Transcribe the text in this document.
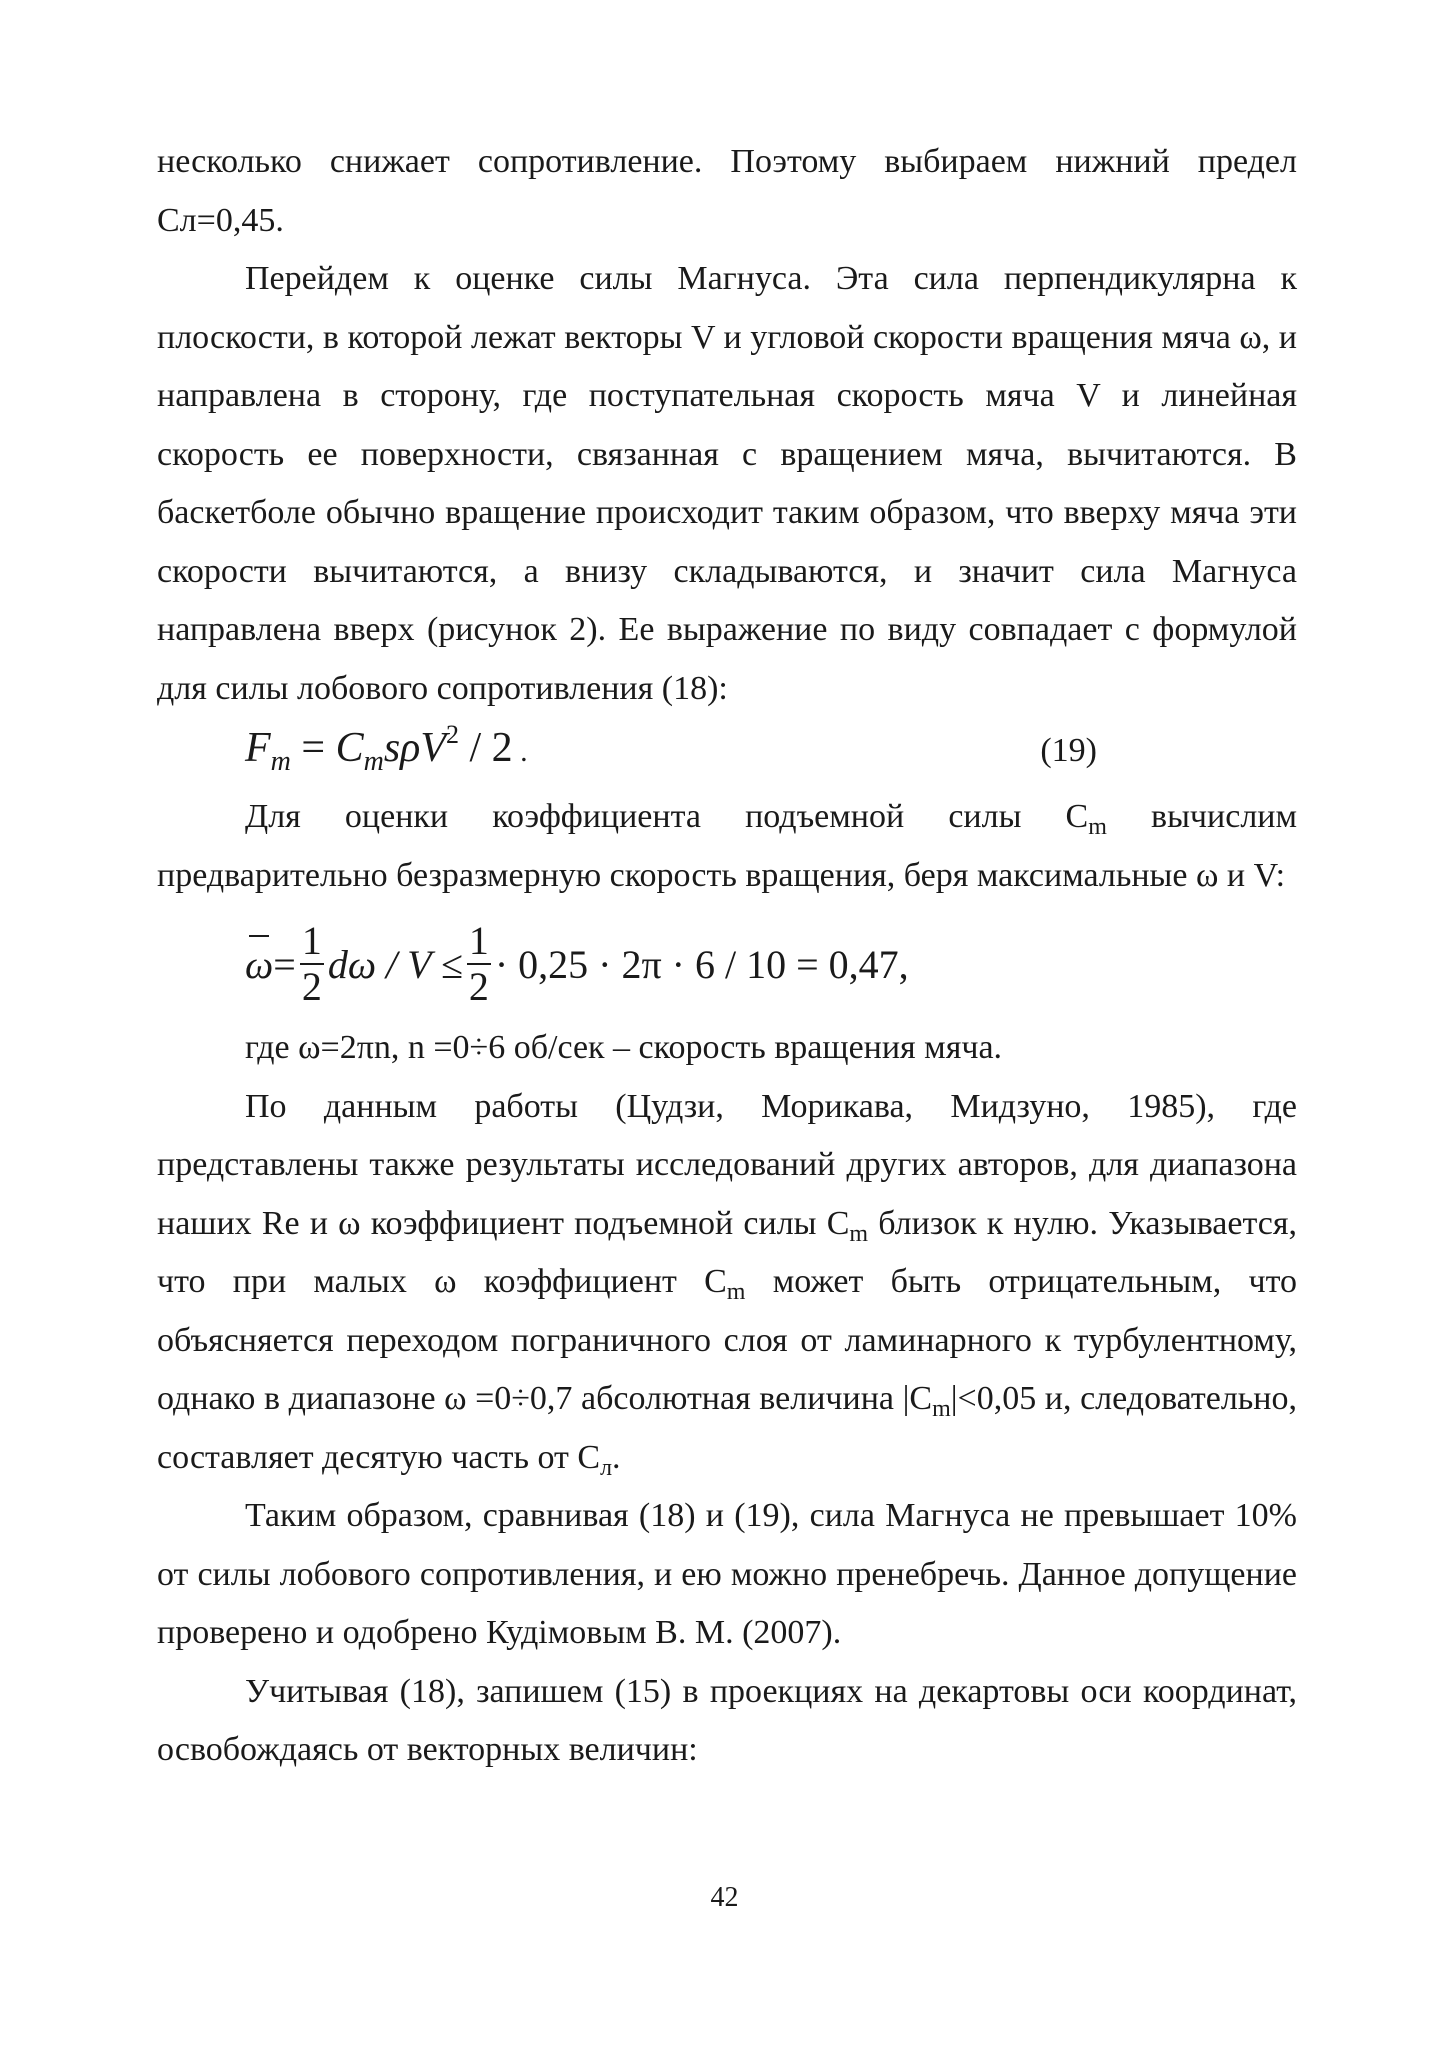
несколько снижает сопротивление. Поэтому выбираем нижний предел

Сл=0,45.

Перейдем к оценке силы Магнуса. Эта сила перпендикулярна к плоскости, в которой лежат векторы V и угловой скорости вращения мяча ω, и направлена в сторону, где поступательная скорость мяча V и линейная скорость ее поверхности, связанная с вращением мяча, вычитаются. В баскетболе обычно вращение происходит таким образом, что вверху мяча эти скорости вычитаются, а внизу складываются, и значит сила Магнуса направлена вверх (рисунок 2). Ее выражение по виду совпадает с формулой для силы лобового сопротивления (18):

$F_m = C_ms\rho V^2 / 2$ .	(19)

Для оценки коэффициента подъемной силы $C_m$ вычислим предварительно безразмерную скорость вращения, беря максимальные ω и V:

$\omega = \frac{1}{2}$ $d\omega / V \le \frac{1}{2} \cdot 0,25 \cdot 2\pi \cdot 6 / 10 = 0,47$,

где ω=2πn, n =0÷6 об/сек – скорость вращения мяча.

По данным работы (Цудзи, Морикава, Мидзуно, 1985), где представлены также результаты исследований других авторов, для диапазона наших Re и ω коэффициент подъемной силы $C_m$ близок к нулю. Указывается, что при малых ω коэффициент $C_m$ может быть отрицательным, что объясняется переходом пограничного слоя от ламинарного к турбулентному, однако в диапазоне ω =0÷0,7 абсолютная величина $|C_m|<0,05$ и, следовательно, составляет десятую часть от $C_л$.

Таким образом, сравнивая (18) и (19), сила Магнуса не превышает 10% от силы лобового сопротивления, и ею можно пренебречь. Данное допущение проверено и одобрено Кудімовым В. М. (2007).

Учитывая (18), запишем (15) в проекциях на декартовы оси координат, освобождаясь от векторных величин:

42
